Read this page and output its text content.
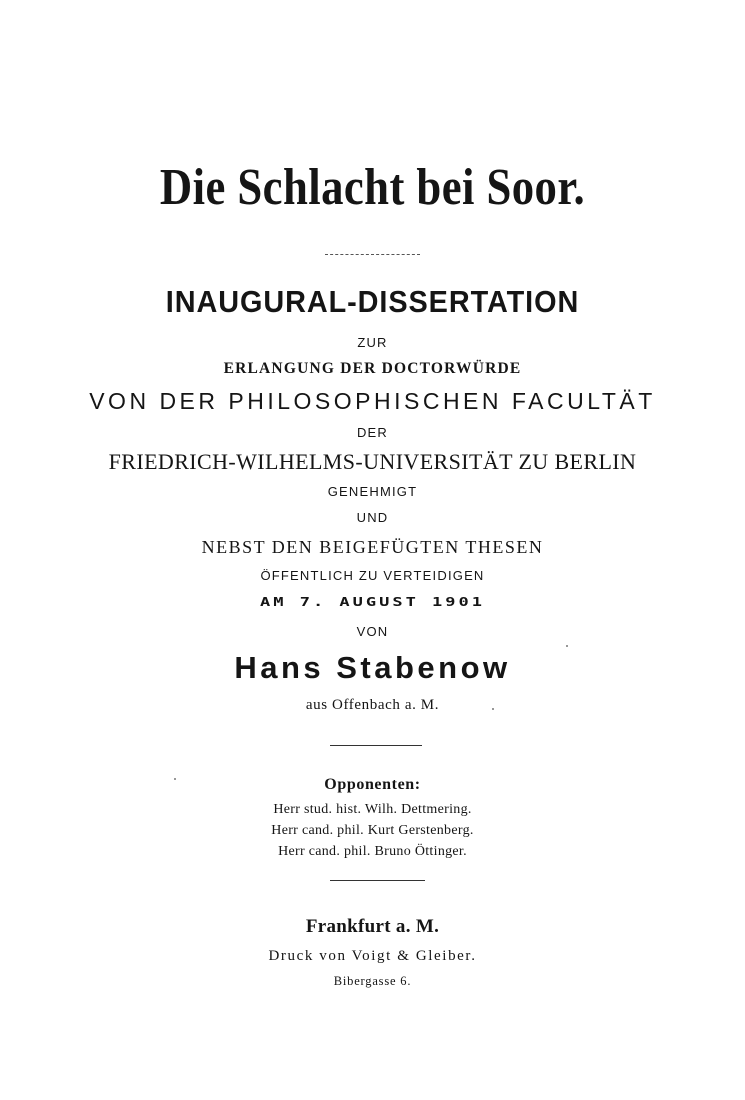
Die Schlacht bei Soor.
INAUGURAL-DISSERTATION
ZUR
ERLANGUNG DER DOCTORWÜRDE
VON DER PHILOSOPHISCHEN FACULTÄT
DER
FRIEDRICH-WILHELMS-UNIVERSITÄT ZU BERLIN
GENEHMIGT
UND
NEBST DEN BEIGEFÜGTEN THESEN
ÖFFENTLICH ZU VERTEIDIGEN
AM 7. AUGUST 1901
VON
Hans Stabenow
aus Offenbach a. M.
Opponenten:
Herr stud. hist. Wilh. Dettmering.
Herr cand. phil. Kurt Gerstenberg.
Herr cand. phil. Bruno Öttinger.
Frankfurt a. M.
Druck von Voigt & Gleiber.
Bibergasse 6.
